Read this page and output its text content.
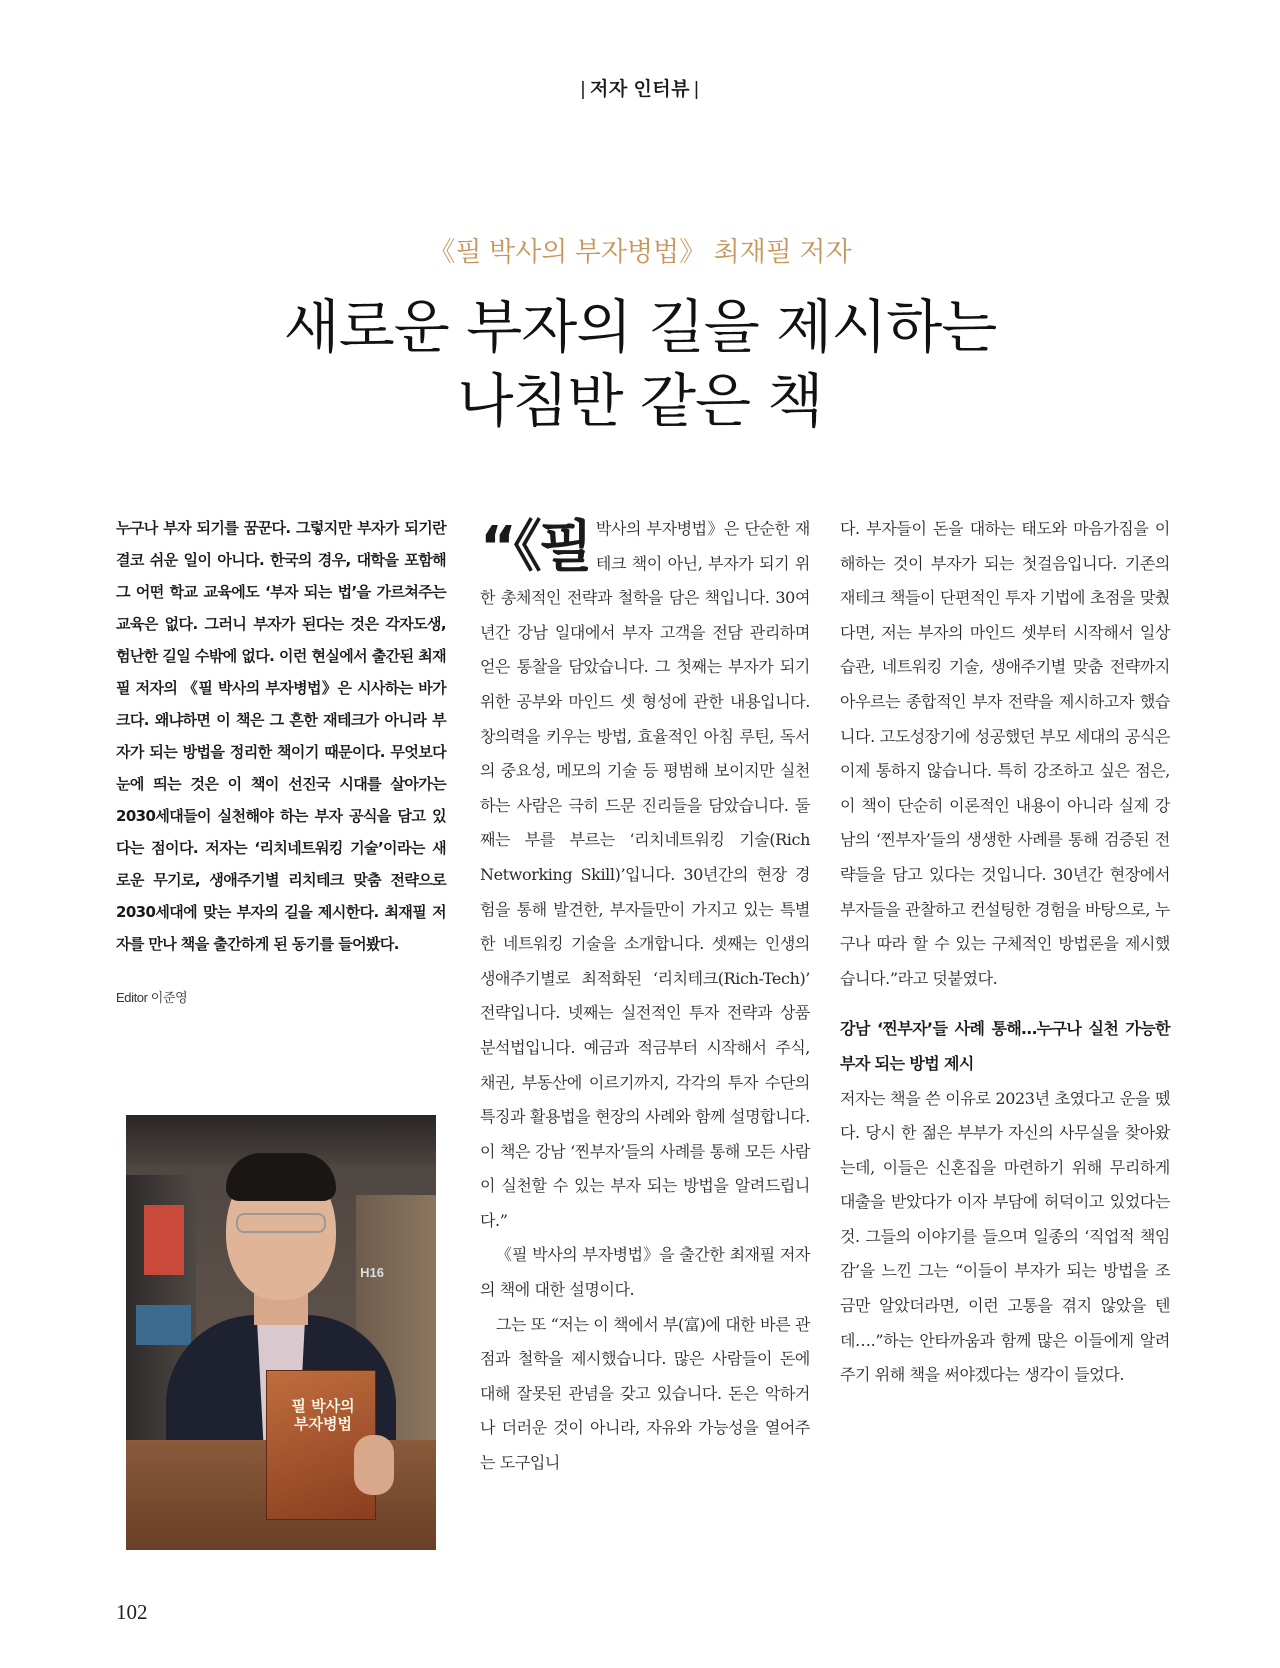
| 저자 인터뷰 |
《필 박사의 부자병법》 최재필 저자
새로운 부자의 길을 제시하는
나침반 같은 책
누구나 부자 되기를 꿈꾼다. 그렇지만 부자가 되기란 결코 쉬운 일이 아니다. 한국의 경우, 대학을 포함해 그 어떤 학교 교육에도 ‘부자 되는 법’을 가르쳐주는 교육은 없다. 그러니 부자가 된다는 것은 각자도생, 험난한 길일 수밖에 없다. 이런 현실에서 출간된 최재필 저자의 《필 박사의 부자병법》은 시사하는 바가 크다. 왜냐하면 이 책은 그 흔한 재테크가 아니라 부자가 되는 방법을 정리한 책이기 때문이다. 무엇보다 눈에 띄는 것은 이 책이 선진국 시대를 살아가는 2030세대들이 실천해야 하는 부자 공식을 담고 있다는 점이다. 저자는 ‘리치네트워킹 기술’이라는 새로운 무기로, 생애주기별 리치테크 맞춤 전략으로 2030세대에 맞는 부자의 길을 제시한다. 최재필 저자를 만나 책을 출간하게 된 동기를 들어봤다.
Editor 이준영
H16
필 박사의
부자병법

“《필 박사의 부자병법》은 단순한 재테크 책이 아닌, 부자가 되기 위한 총체적인 전략과 철학을 담은 책입니다. 30여 년간 강남 일대에서 부자 고객을 전담 관리하며 얻은 통찰을 담았습니다. 그 첫째는 부자가 되기 위한 공부와 마인드 셋 형성에 관한 내용입니다. 창의력을 키우는 방법, 효율적인 아침 루틴, 독서의 중요성, 메모의 기술 등 평범해 보이지만 실천하는 사람은 극히 드문 진리들을 담았습니다. 둘째는 부를 부르는 ‘리치네트워킹 기술(Rich Networking Skill)’입니다. 30년간의 현장 경험을 통해 발견한, 부자들만이 가지고 있는 특별한 네트워킹 기술을 소개합니다. 셋째는 인생의 생애주기별로 최적화된 ‘리치테크(Rich-Tech)’ 전략입니다. 넷째는 실전적인 투자 전략과 상품 분석법입니다. 예금과 적금부터 시작해서 주식, 채권, 부동산에 이르기까지, 각각의 투자 수단의 특징과 활용법을 현장의 사례와 함께 설명합니다. 이 책은 강남 ‘찐부자’들의 사례를 통해 모든 사람이 실천할 수 있는 부자 되는 방법을 알려드립니다.”

《필 박사의 부자병법》을 출간한 최재필 저자의 책에 대한 설명이다.

그는 또 “저는 이 책에서 부(富)에 대한 바른 관점과 철학을 제시했습니다. 많은 사람들이 돈에 대해 잘못된 관념을 갖고 있습니다. 돈은 악하거나 더러운 것이 아니라, 자유와 가능성을 열어주는 도구입니

다. 부자들이 돈을 대하는 태도와 마음가짐을 이해하는 것이 부자가 되는 첫걸음입니다. 기존의 재테크 책들이 단편적인 투자 기법에 초점을 맞췄다면, 저는 부자의 마인드 셋부터 시작해서 일상 습관, 네트워킹 기술, 생애주기별 맞춤 전략까지 아우르는 종합적인 부자 전략을 제시하고자 했습니다. 고도성장기에 성공했던 부모 세대의 공식은 이제 통하지 않습니다. 특히 강조하고 싶은 점은, 이 책이 단순히 이론적인 내용이 아니라 실제 강남의 ‘찐부자’들의 생생한 사례를 통해 검증된 전략들을 담고 있다는 것입니다. 30년간 현장에서 부자들을 관찰하고 컨설팅한 경험을 바탕으로, 누구나 따라 할 수 있는 구체적인 방법론을 제시했습니다.”라고 덧붙였다.

강남 ‘찐부자’들 사례 통해…누구나 실천 가능한 부자 되는 방법 제시

저자는 책을 쓴 이유로 2023년 초였다고 운을 뗐다. 당시 한 젊은 부부가 자신의 사무실을 찾아왔는데, 이들은 신혼집을 마련하기 위해 무리하게 대출을 받았다가 이자 부담에 허덕이고 있었다는 것. 그들의 이야기를 들으며 일종의 ‘직업적 책임감’을 느낀 그는 “이들이 부자가 되는 방법을 조금만 알았더라면, 이런 고통을 겪지 않았을 텐데….”하는 안타까움과 함께 많은 이들에게 알려 주기 위해 책을 써야겠다는 생각이 들었다.

102
